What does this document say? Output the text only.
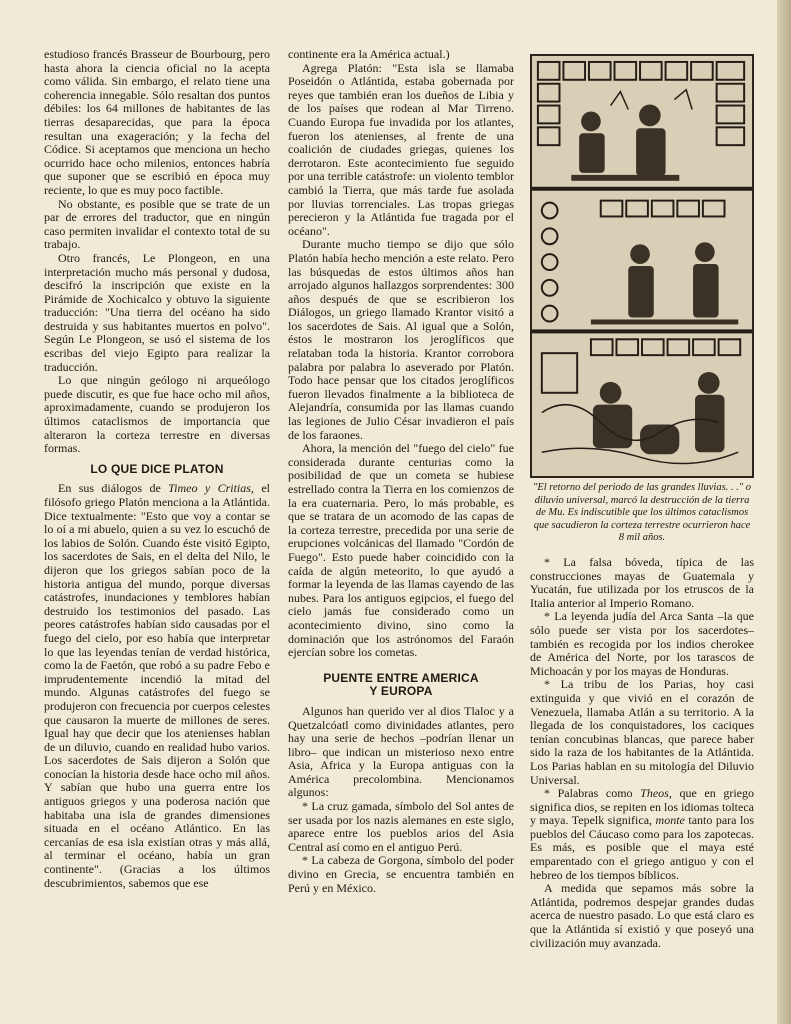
estudioso francés Brasseur de Bourbourg, pero hasta ahora la ciencia oficial no la acepta como válida. Sin embargo, el relato tiene una coherencia innegable. Sólo resaltan dos puntos débiles: los 64 millones de habitantes de las tierras desaparecidas, que para la época resultan una exageración; y la fecha del Códice. Si aceptamos que menciona un hecho ocurrido hace ocho milenios, entonces habría que suponer que se escribió en época muy reciente, lo que es muy poco factible.

No obstante, es posible que se trate de un par de errores del traductor, que en ningún caso permiten invalidar el contexto total de su trabajo.

Otro francés, Le Plongeon, en una interpretación mucho más personal y dudosa, descifró la inscripción que existe en la Pirámide de Xochicalco y obtuvo la siguiente traducción: "Una tierra del océano ha sido destruida y sus habitantes muertos en polvo". Según Le Plongeon, se usó el sistema de los escribas del viejo Egipto para realizar la traducción.

Lo que ningún geólogo ni arqueólogo puede discutir, es que fue hace ocho mil años, aproximadamente, cuando se produjeron los últimos cataclismos de importancia que alteraron la corteza terrestre en diversas formas.

LO QUE DICE PLATON

En sus diálogos de Timeo y Critias, el filósofo griego Platón menciona a la Atlántida. Dice textualmente: "Esto que voy a contar se lo oí a mi abuelo, quien a su vez lo escuchó de los labios de Solón. Cuando éste visitó Egipto, los sacerdotes de Sais, en el delta del Nilo, le dijeron que los griegos sabían poco de la historia antigua del mundo, porque diversas catástrofes, inundaciones y temblores habían destruido los testimonios del pasado. Las peores catástrofes habían sido causadas por el fuego del cielo, por eso había que interpretar lo que las leyendas tenían de verdad histórica, como la de Faetón, que robó a su padre Febo e imprudentemente incendió la mitad del mundo. Algunas catástrofes del fuego se produjeron con frecuencia por cuerpos celestes que causaron la muerte de millones de seres. Igual hay que decir que los atenienses hablan de un diluvio, cuando en realidad hubo varios. Los sacerdotes de Sais dijeron a Solón que conocían la historia desde hace ocho mil años. Y sabían que hubo una guerra entre los antiguos griegos y una poderosa nación que habitaba una isla de grandes dimensiones situada en el océano Atlántico. En las cercanías de esa isla existían otras y más allá, al terminar el océano, había un gran continente". (Gracias a los últimos descubrimientos, sabemos que ese

continente era la América actual.)

Agrega Platón: "Esta isla se llamaba Poseidón o Atlántida, estaba gobernada por reyes que también eran los dueños de Libia y de los países que rodean al Mar Tirreno. Cuando Europa fue invadida por los atlantes, fueron los atenienses, al frente de una coalición de ciudades griegas, quienes los derrotaron. Este acontecimiento fue seguido por una terrible catástrofe: un violento temblor cambió la Tierra, que más tarde fue asolada por lluvias torrenciales. Las tropas griegas perecieron y la Atlántida fue tragada por el océano".

Durante mucho tiempo se dijo que sólo Platón había hecho mención a este relato. Pero las búsquedas de estos últimos años han arrojado algunos hallazgos sorprendentes: 300 años después de que se escribieron los Diálogos, un griego llamado Krantor visitó a los sacerdotes de Sais. Al igual que a Solón, éstos le mostraron los jeroglíficos que relataban toda la historia. Krantor corrobora palabra por palabra lo aseverado por Platón. Todo hace pensar que los citados jeroglíficos fueron llevados finalmente a la biblioteca de Alejandría, consumida por las llamas cuando las legiones de Julio César invadieron el país de los faraones.

Ahora, la mención del "fuego del cielo" fue considerada durante centurias como la posibilidad de que un cometa se hubiese estrellado contra la Tierra en los comienzos de la era cuaternaria. Pero, lo más probable, es que se tratara de un acomodo de las capas de la corteza terrestre, precedida por una serie de erupciones volcánicas del llamado "Cordón de Fuego". Esto puede haber coincidido con la caída de algún meteorito, lo que ayudó a formar la leyenda de las llamas cayendo de las nubes. Para los antiguos egipcios, el fuego del cielo jamás fue considerado como un acontecimiento divino, sino como la dominación que los astrónomos del Faraón ejercían sobre los cometas.

PUENTE ENTRE AMERICA
Y EUROPA

Algunos han querido ver al dios Tlaloc y a Quetzalcóatl como divinidades atlantes, pero hay una serie de hechos –podrían llenar un libro– que indican un misterioso nexo entre Asia, Africa y la Europa antiguas con la América precolombina. Mencionamos algunos:

* La cruz gamada, símbolo del Sol antes de ser usada por los nazis alemanes en este siglo, aparece entre los pueblos arios del Asia Central así como en el antiguo Perú.

* La cabeza de Gorgona, símbolo del poder divino en Grecia, se encuentra también en Perú y en México.

"El retorno del periodo de las grandes lluvias. . ." o diluvio universal, marcó la destrucción de la tierra de Mu. Es indiscutible que los últimos cataclismos que sacudieron la corteza terrestre ocurrieron hace 8 mil años.

* La falsa bóveda, típica de las construcciones mayas de Guatemala y Yucatán, fue utilizada por los etruscos de la Italia anterior al Imperio Romano.

* La leyenda judía del Arca Santa –la que sólo puede ser vista por los sacerdotes– también es recogida por los indios cherokee de América del Norte, por los tarascos de Michoacán y por los mayas de Honduras.

* La tribu de los Parias, hoy casi extinguida y que vivió en el corazón de Venezuela, llamaba Atlán a su territorio. A la llegada de los conquistadores, los caciques tenían concubinas blancas, que parece haber sido la raza de los habitantes de la Atlántida. Los Parias hablan en su mitología del Diluvio Universal.

* Palabras como Theos, que en griego significa dios, se repiten en los idiomas tolteca y maya. Tepelk significa, monte tanto para los pueblos del Cáucaso como para los zapotecas. Es más, es posible que el maya esté emparentado con el griego antiguo y con el hebreo de los tiempos bíblicos.

A medida que sepamos más sobre la Atlántida, podremos despejar grandes dudas acerca de nuestro pasado. Lo que está claro es que la Atlántida sí existió y que poseyó una civilización muy avanzada.
